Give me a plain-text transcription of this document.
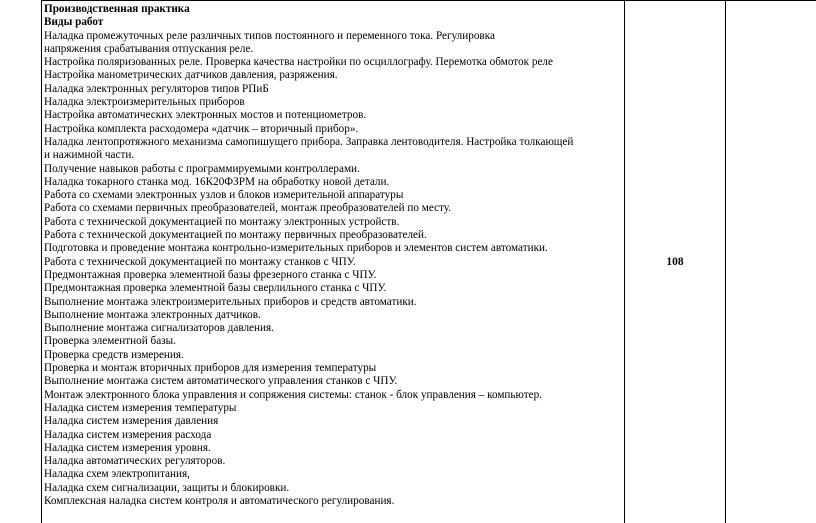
Производственная практика
Виды работ
Наладка промежуточных реле различных типов постоянного и переменного тока. Регулировка
напряжения срабатывания отпускания реле.
Настройка поляризованных реле. Проверка качества настройки по осциллографу. Перемотка обмоток реле
Настройка манометрических датчиков давления, разряжения.
Наладка электронных регуляторов типов РПиБ
Наладка электроизмерительных приборов
Настройка автоматических электронных мостов и потенциометров.
Настройка комплекта расходомера «датчик – вторичный прибор».
Наладка лентопротяжного механизма самопишущего прибора. Заправка лентоводителя. Настройка толкающей
и нажимной части.
Получение навыков работы с программируемыми контроллерами.
Наладка токарного станка мод. 16К20ФЗРМ на обработку новой детали.
Работа со схемами электронных узлов и блоков измерительной аппаратуры
Работа со схемами первичных преобразователей, монтаж преобразователей по месту.
Работа с технической документацией по монтажу электронных устройств.
Работа с технической документацией по монтажу первичных преобразователей.
Подготовка и проведение монтажа контрольно-измерительных приборов и элементов систем автоматики.
Работа с технической документацией по монтажу станков с ЧПУ.
Предмонтажная проверка элементной базы фрезерного станка с ЧПУ.
Предмонтажная проверка элементной базы сверлильного станка с ЧПУ.
Выполнение монтажа электроизмерительных приборов и средств автоматики.
Выполнение монтажа электронных датчиков.
Выполнение монтажа сигнализаторов давления.
Проверка элементной базы.
Проверка средств измерения.
Проверка и монтаж вторичных приборов для измерения температуры
Выполнение монтажа систем автоматического управления станков с ЧПУ.
Монтаж электронного блока управления и сопряжения системы: станок - блок управления – компьютер.
Наладка систем измерения температуры
Наладка систем измерения давления
Наладка систем измерения расхода
Наладка систем измерения уровня.
Наладка автоматических регуляторов.
Наладка схем электропитания,
Наладка схем сигнализации, защиты и блокировки.
Комплексная наладка систем контроля и автоматического регулирования.
108
